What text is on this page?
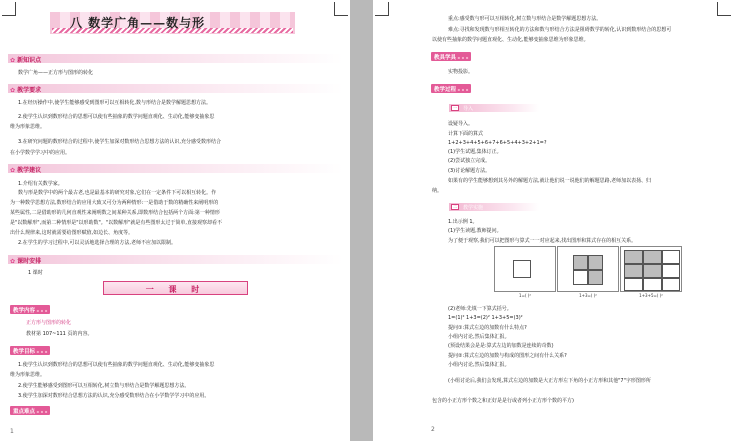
八 数学广角——数与形
✿ 新知识点
数学广角——正方形与图形的转化
✿ 教学要求
1.在经历操作中,使学生能够感受到图形可以互相转化,数与形结合是数学解题思想方法。
2.使学生认识到数形结合的思想可以使有些抽象的数学问题直观化、生动化,能够变抽象思
维为形象思维。
3.在研究问题的数形结合的过程中,使学生加深对数形结合思想方法的认识,充分感受数形结合
在小学数学学习中的应用。
✿ 教学建议
1.介绍有关数学家。
数与形是数学中的两个最古老,也是最基本的研究对象,它们在一定条件下可以相互转化。作
为一种数学思想方法,数形结合的应用大致又可分为两种情形:一是借助于数的精确性来阐明形的
某些属性,二是借助形的几何直观性来阐明数之间某种关系,即数形结合包括两个方面:第一种情形
是"以数解形",而第二种情形是"以形助数"。"以数解形"就是有些图形太过于简单,直接观察却看不
出什么规律来,这时就需要给图形赋值,如边长、角度等。
2.在学生的学习过程中,可以灵活地选择合理的方法,老师不应加以限制。
✿ 课时安排
1 课时
一 课 时
教学内容 ▪ ▪ ▪
正方形与图形的转化
教材第 107~111 页的内容。
教学目标 ▪ ▪ ▪
1.使学生认识到数形结合的思想可以使有些抽象的数学问题直观化、生动化,能够变抽象思
维为形象思维。
2.使学生能够感受到图形可以互相转化,树立数与形结合是数学解题思想方法。
3.使学生加深对数形结合思想方法的认识,充分感受数形结合在小学数学学习中的应用。
重点难点 ▪ ▪ ▪
1
重点:感受数与形可以互相转化,树立数与形结合是数学解题思想方法。
难点:寻找和发现数与形相互转化的方法和数与形结合方法是阻碍数学的转化,认识到数形结合的思想可
以使有些抽象的数学问题直观化、生动化,能够变抽象思维为形象思维。
教具学具 ▪ ▪ ▪
实物投影。
教学过程 ▪ ▪ ▪
一	导入
设疑导入。
计算下面的算式
1+2+3+4+5+6+7+6+5+4+3+2+1=?
(1)学生试题,集体订正。
(2)尝试独立完成。
(3)讨论解题方法。
如果有的学生能够想到其另外的解题方法,就让他们说一说他们的解题思路,老师加以表扬、归
纳。
二	教学实施
1.出示例 1。
(1)学生读题,教师提问。
为了便于观察,我们可以把图形与算式一一对应起来,找出图形和算式存在的相互关系。
(2)老师:先填一下算式括号。
1=(1)² 1+3=(2)² 1+3+5=(3)²
提问①:算式左边的加数有什么特点?
小组内讨论,然后集体汇报。
(预设结果会是是:算式左边的加数是连续的奇数)
提问②:算式左边的加数与构成的图形之间有什么关系?
小组内讨论,然后集体汇报。
(小组讨论后,我们会发现,算式左边的加数是大正方形左下角的小正方形和其他"7"字形图形所
包含的小正方形个数之和正好是是行或者列小正方形个数的平方)
2
1=( )²	1+3=( )²	1+3+5=( )²
